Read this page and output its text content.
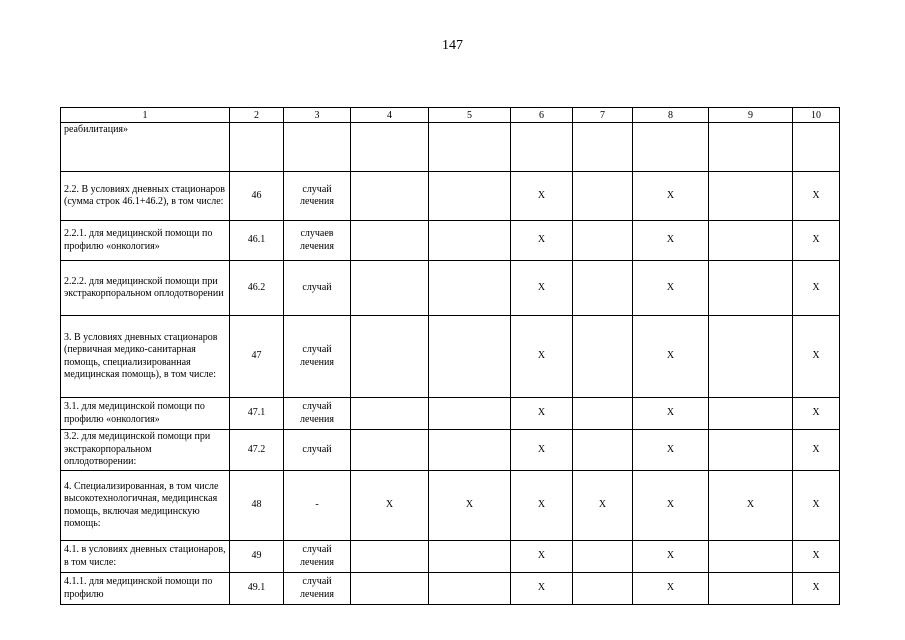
147
1	2	3	4	5	6	7	8	9	10
реабилитация»									
2.2. В условиях дневных стационаров (сумма строк 46.1+46.2), в том числе:	46	случай лечения			X		X		X
2.2.1. для медицинской помощи по профилю «онкология»	46.1	случаев лечения			X		X		X
2.2.2. для медицинской помощи при экстракорпоральном оплодотворении	46.2	случай			X		X		X
3. В условиях дневных стационаров (первичная медико-санитарная помощь, специализированная медицинская помощь), в том числе:	47	случай лечения			X		X		X
3.1. для медицинской помощи по профилю «онкология»	47.1	случай лечения			X		X		X
3.2. для медицинской помощи при экстракорпоральном оплодотворении:	47.2	случай			X		X		X
4. Специализированная, в том числе высокотехнологичная, медицинская помощь, включая медицинскую помощь:	48	-	X	X	X	X	X	X	X
4.1. в условиях дневных стационаров, в том числе:	49	случай лечения			X		X		X
4.1.1. для медицинской помощи по профилю	49.1	случай лечения			X		X		X
